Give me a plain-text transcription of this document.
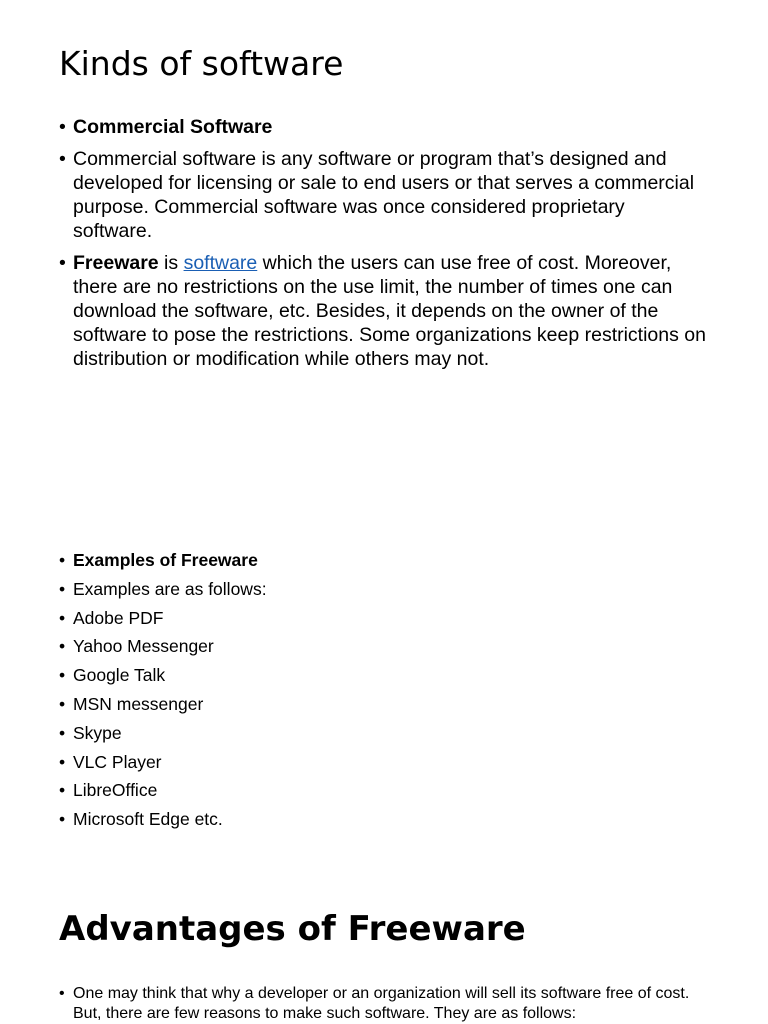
Kinds of software
• Commercial Software
• Commercial software is any software or program that’s designed and developed for licensing or sale to end users or that serves a commercial purpose. Commercial software was once considered proprietary software.
• Freeware is software which the users can use free of cost. Moreover, there are no restrictions on the use limit, the number of times one can download the software, etc. Besides, it depends on the owner of the software to pose the restrictions. Some organizations keep restrictions on distribution or modification while others may not.
• Examples of Freeware
• Examples are as follows:
• Adobe PDF
• Yahoo Messenger
• Google Talk
• MSN messenger
• Skype
• VLC Player
• LibreOffice
• Microsoft Edge etc.
Advantages of Freeware
• One may think that why a developer or an organization will sell its software free of cost. But, there are few reasons to make such software. They are as follows:
